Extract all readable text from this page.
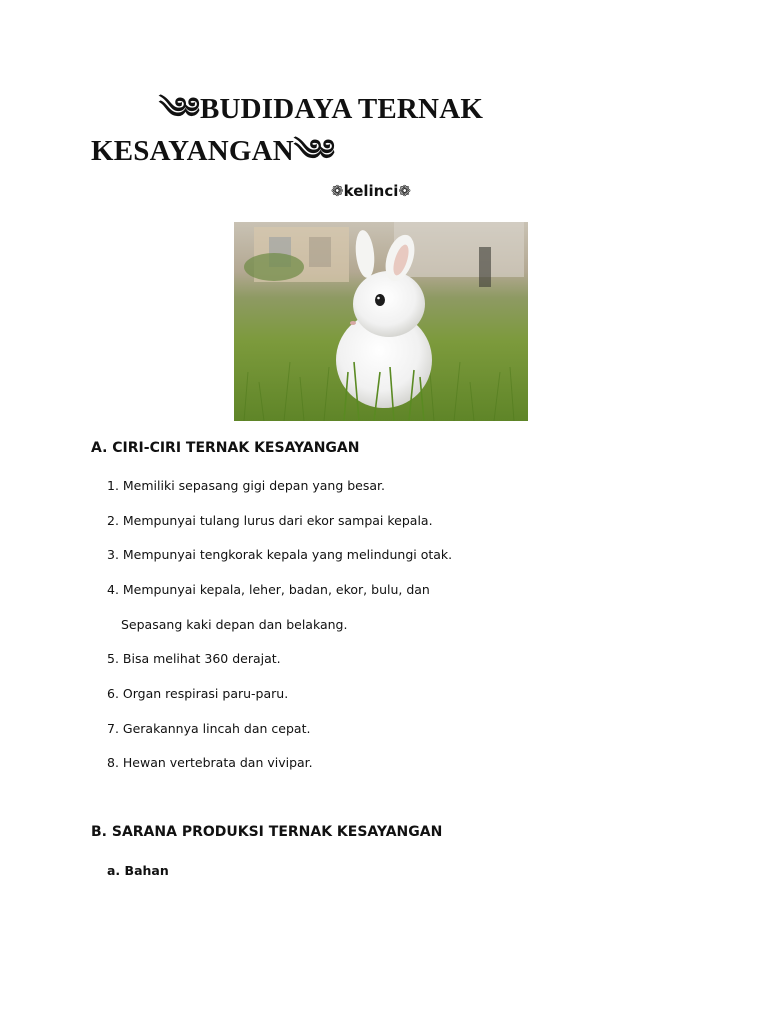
༄༅BUDIDAYA TERNAK KESAYANGAN༄༅
❁kelinci❁
A. CIRI-CIRI TERNAK KESAYANGAN
1. Memiliki sepasang gigi depan yang besar.
2. Mempunyai tulang lurus dari ekor sampai kepala.
3. Mempunyai tengkorak kepala yang melindungi otak.
4. Mempunyai kepala, leher, badan, ekor, bulu, dan
Sepasang kaki depan dan belakang.
5. Bisa melihat 360 derajat.
6. Organ respirasi paru-paru.
7. Gerakannya lincah dan cepat.
8. Hewan vertebrata dan vivipar.
B. SARANA PRODUKSI TERNAK KESAYANGAN
a. Bahan
